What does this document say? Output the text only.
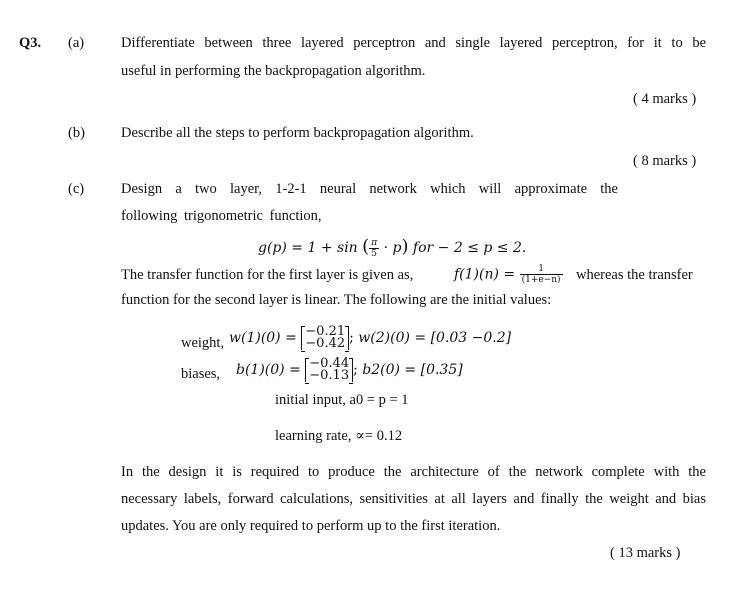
Q3. (a)	Differentiate between three layered perceptron and single layered perceptron, for it to be
useful in performing the backpropagation algorithm.
( 4 marks )
(b) Describe all the steps to perform backpropagation algorithm.
( 8 marks )
(c)	Design a two layer, 1-2-1 neural network which will approximate the
following trigonometric function,
g(p) = 1 + sin ( $\frac{\pi}{5} \cdot p$) for − 2 ≤ p ≤ 2.
The transfer function for the first layer is given as,	$f(1)(n) = \frac{1}{(1+e-n)}$ whereas the transfer
function for the second layer is linear. The following are the initial values:
weight, w(1)(0) = −0.21
−0.42 ; w(2)(0) = [0.03 −0.2]
biases, b(1)(0) = −0.44
−0.13 ; b2(0) = [0.35]
initial input, a0 = p = 1
learning rate, ∝= 0.12
In the design it is required to produce the architecture of the network complete with the
necessary labels, forward calculations, sensitivities at all layers and finally the weight and bias
updates. You are only required to perform up to the first iteration.
( 13 marks )
